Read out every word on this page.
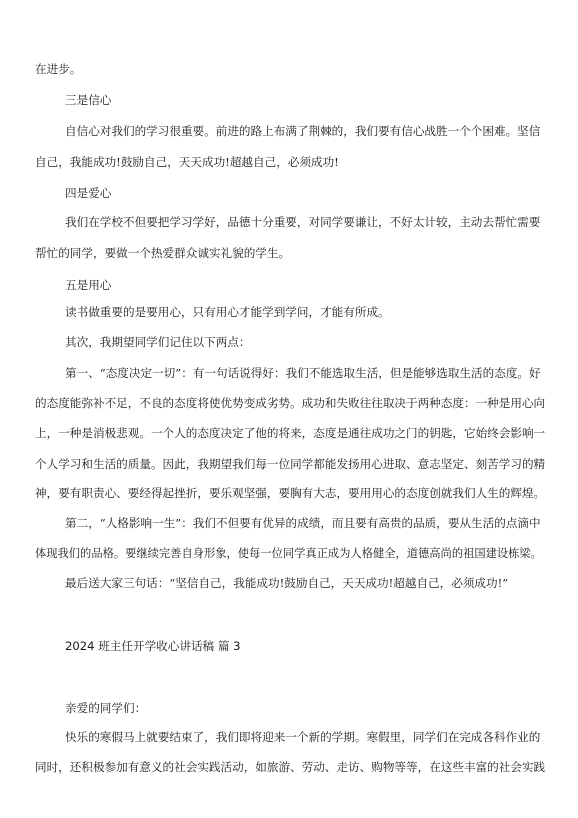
在进步。
三是信心
自信心对我们的学习很重要。前进的路上布满了荆棘的，我们要有信心战胜一个个困难。坚信
自己，我能成功!鼓励自己，天天成功!超越自己，必须成功!
四是爱心
我们在学校不但要把学习学好，品德十分重要，对同学要谦让，不好太计较，主动去帮忙需要
帮忙的同学，要做一个热爱群众诚实礼貌的学生。
五是用心
读书做重要的是要用心，只有用心才能学到学问，才能有所成。
其次，我期望同学们记住以下两点：
第一、“态度决定一切”：有一句话说得好：我们不能选取生活，但是能够选取生活的态度。好
的态度能弥补不足，不良的态度将使优势变成劣势。成功和失败往往取决于两种态度：一种是用心向
上，一种是消极悲观。一个人的态度决定了他的将来，态度是通往成功之门的钥匙，它始终会影响一
个人学习和生活的质量。因此，我期望我们每一位同学都能发扬用心进取、意志坚定、刻苦学习的精
神，要有职责心、要经得起挫折，要乐观坚强，要胸有大志，要用用心的态度创就我们人生的辉煌。
第二，“人格影响一生”：我们不但要有优异的成绩，而且要有高贵的品质，要从生活的点滴中
体现我们的品格。要继续完善自身形象，使每一位同学真正成为人格健全，道德高尚的祖国建设栋梁。
最后送大家三句话：“坚信自己，我能成功!鼓励自己，天天成功!超越自己，必须成功!”
2024 班主任开学收心讲话稿 篇 3
亲爱的同学们：
快乐的寒假马上就要结束了，我们即将迎来一个新的学期。寒假里，同学们在完成各科作业的
同时，还积极参加有意义的社会实践活动，如旅游、劳动、走访、购物等等，在这些丰富的社会实践
